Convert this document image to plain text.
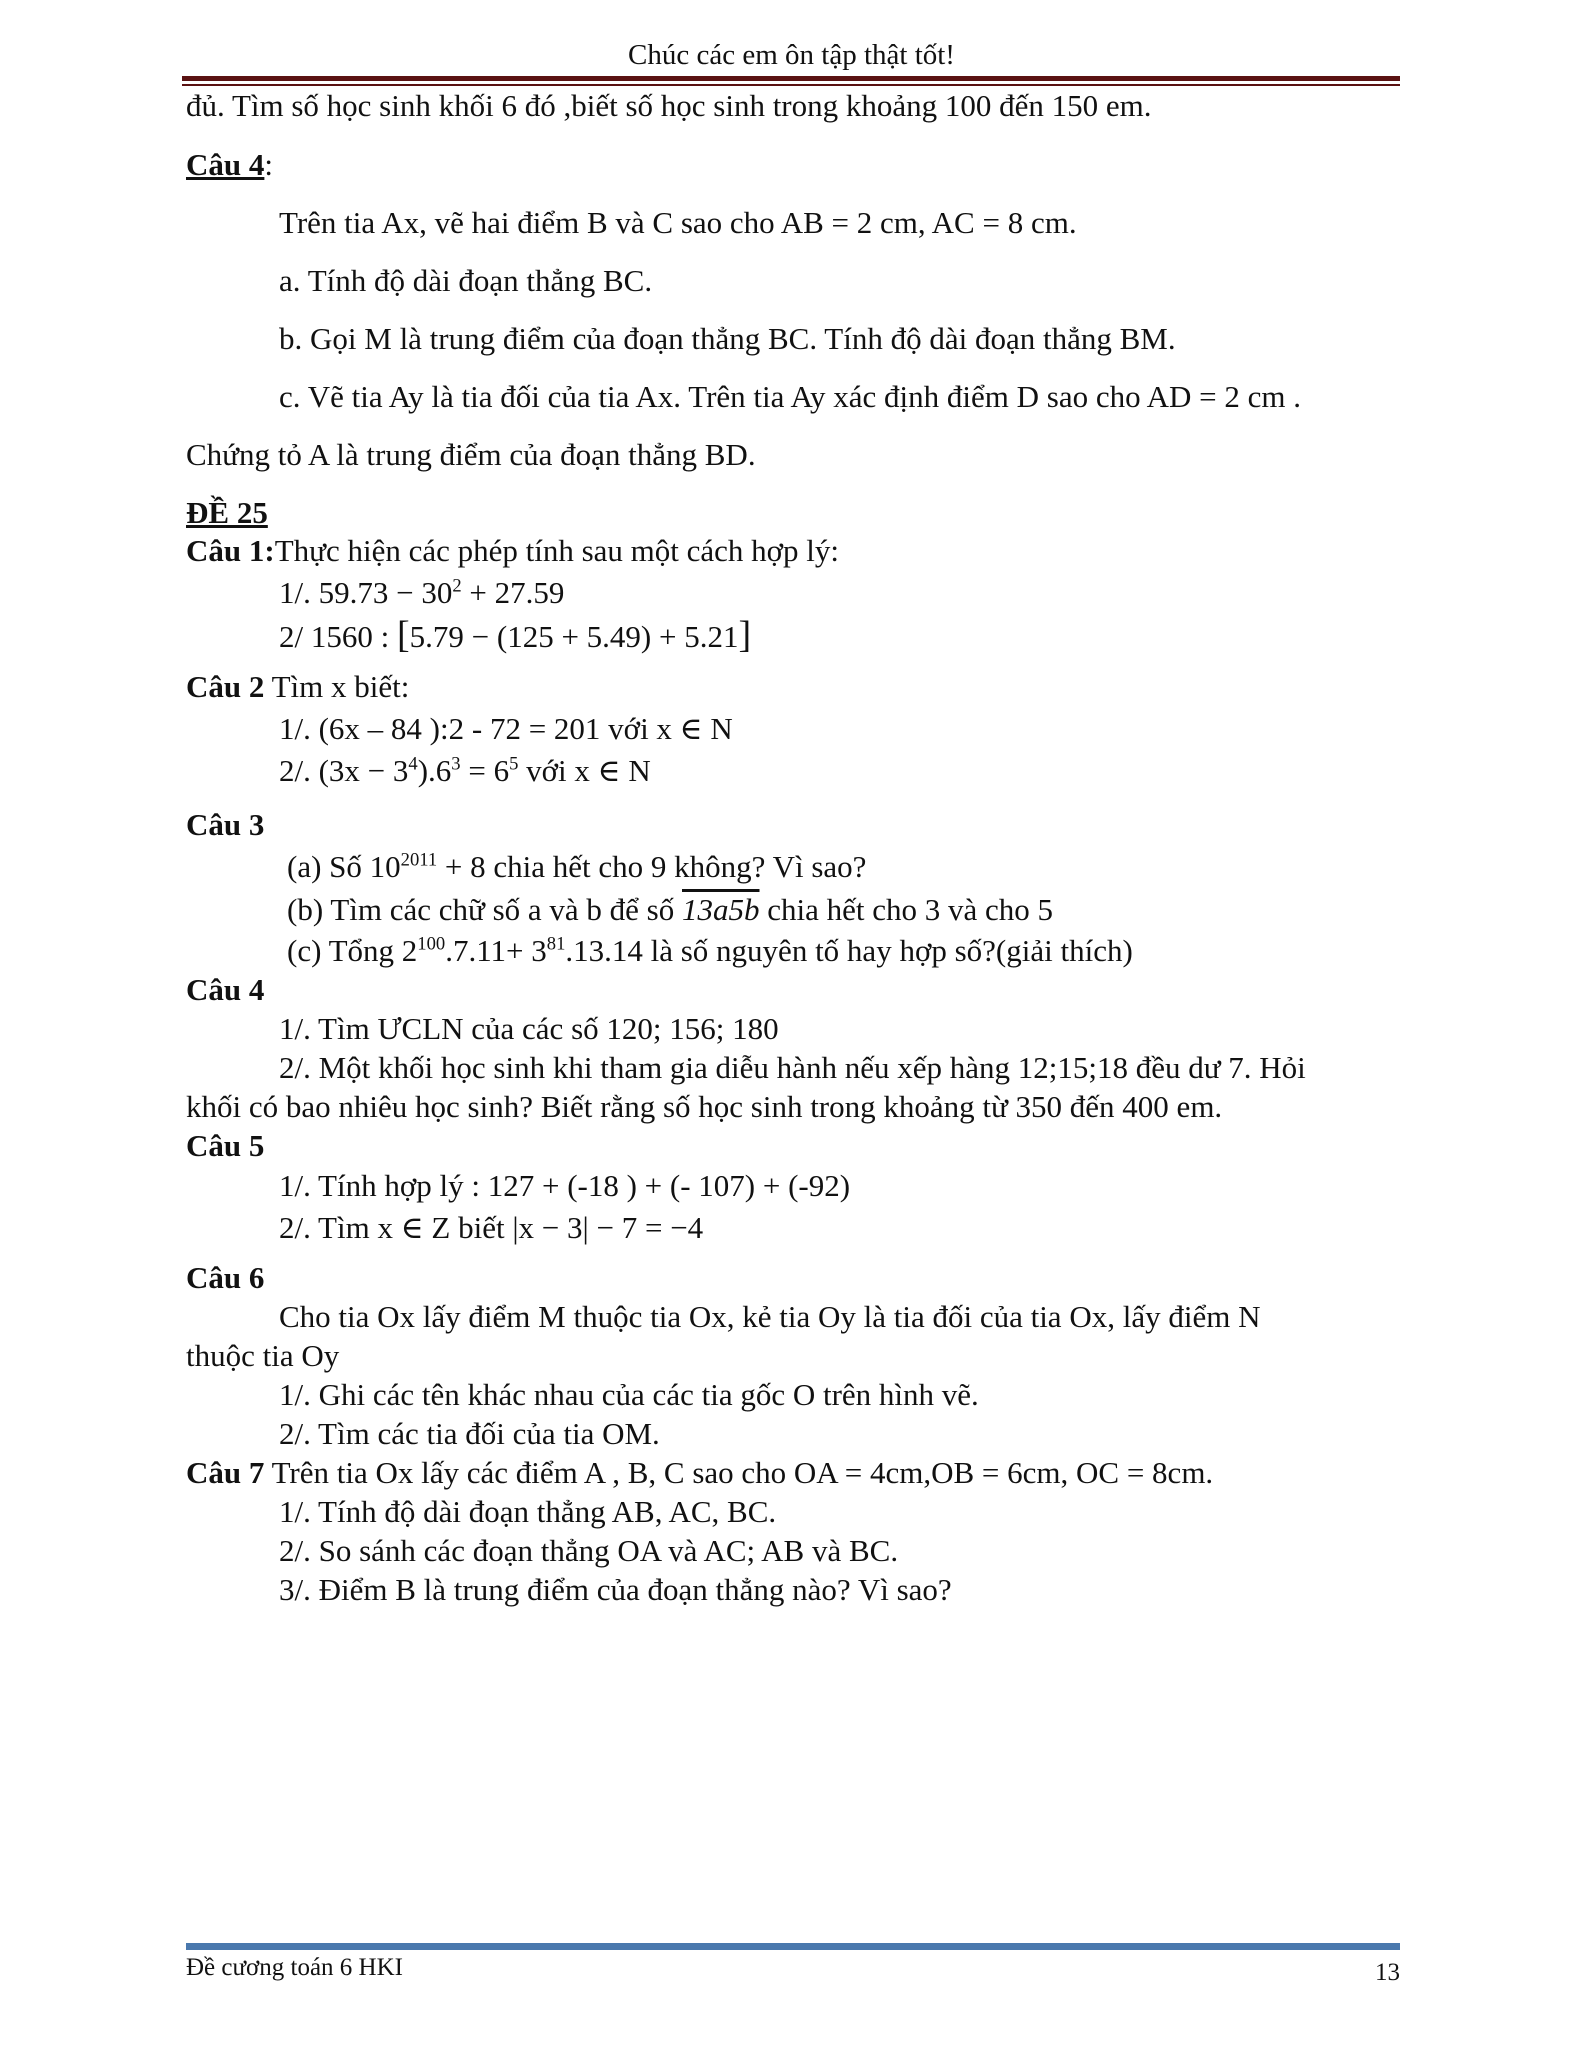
Chúc các em ôn tập thật tốt!
đủ. Tìm số học sinh khối 6 đó ,biết số học sinh trong khoảng 100 đến 150 em.
Câu 4:
Trên tia Ax, vẽ hai điểm B và C sao cho AB = 2 cm, AC = 8 cm.
a. Tính độ dài đoạn thẳng BC.
b. Gọi M là trung điểm của đoạn thẳng BC. Tính độ dài đoạn thẳng BM.
c. Vẽ tia Ay là tia đối của tia Ax. Trên tia Ay xác định điểm D sao cho AD = 2 cm .
Chứng tỏ A là trung điểm của đoạn thẳng BD.
ĐỀ 25
Câu 1:Thực hiện các phép tính sau một cách hợp lý:
1/. $59.73 - 30^2 + 27.59$
2/ 1560 : [5.79 − (125 + 5.49) + 5.21]
Câu 2 Tìm x biết:
1/. (6x – 84 ):2 - 72 = 201 với x ∈ N
2/. $(3x - 3^4).6^3 = 6^5$ với x ∈ N
Câu 3
(a) Số $10^{2011} + 8$ chia hết cho 9 không? Vì sao?
(b) Tìm các chữ số a và b để số 13a5b chia hết cho 3 và cho 5
(c) Tổng $2^{100}.7.11+ 3^{81}.13.14$ là số nguyên tố hay hợp số?(giải thích)
Câu 4
1/. Tìm ƯCLN của các số 120; 156; 180
2/. Một khối học sinh khi tham gia diễu hành nếu xếp hàng 12;15;18 đều dư 7. Hỏi
khối có bao nhiêu học sinh? Biết rằng số học sinh trong khoảng từ 350 đến 400 em.
Câu 5
1/. Tính hợp lý : 127 + (-18 ) + (- 107) + (-92)
2/. Tìm x ∈ Z biết |x − 3| − 7 = −4
Câu 6
Cho tia Ox lấy điểm M thuộc tia Ox, kẻ tia Oy là tia đối của tia Ox, lấy điểm N
thuộc tia Oy
1/. Ghi các tên khác nhau của các tia gốc O trên hình vẽ.
2/. Tìm các tia đối của tia OM.
Câu 7 Trên tia Ox lấy các điểm A , B, C sao cho OA = 4cm,OB = 6cm, OC = 8cm.
1/. Tính độ dài đoạn thẳng AB, AC, BC.
2/. So sánh các đoạn thẳng OA và AC; AB và BC.
3/. Điểm B là trung điểm của đoạn thẳng nào? Vì sao?
Đề cương toán 6 HKI	13
